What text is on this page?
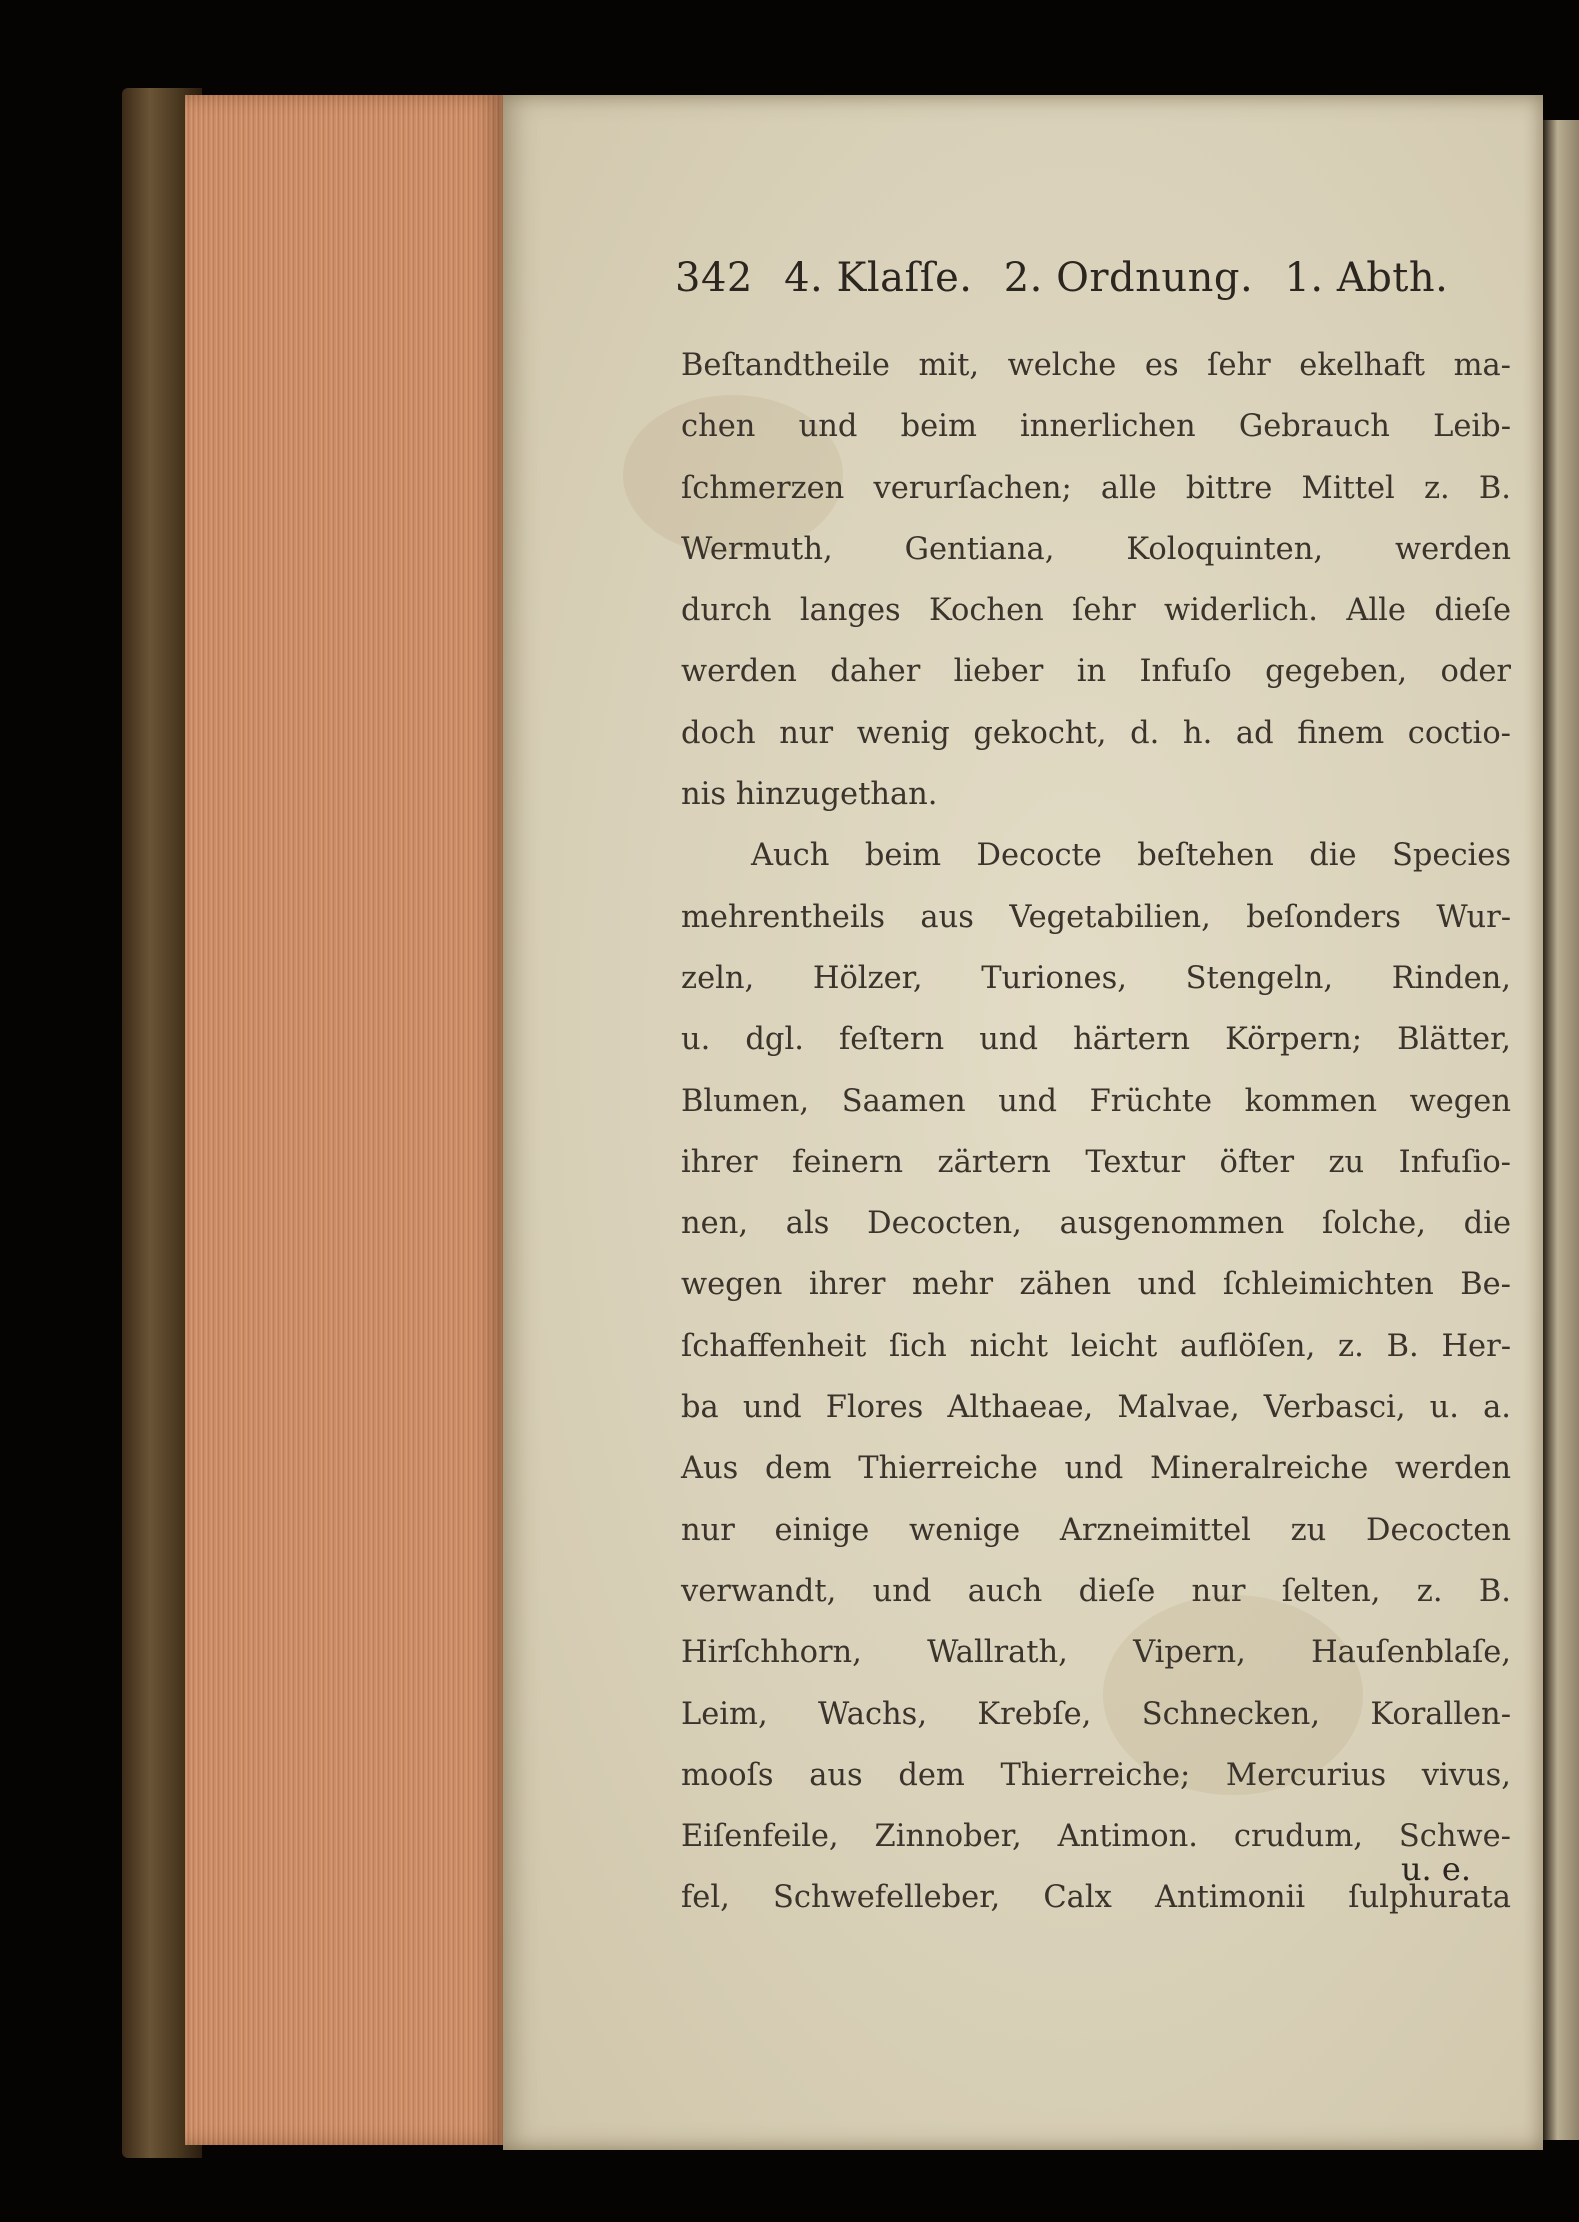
342 4. Klaſſe. 2. Ordnung. 1. Abth.
Beſtandtheile mit, welche es ſehr ekelhaft ma-
chen und beim innerlichen Gebrauch Leib-
ſchmerzen verurſachen; alle bittre Mittel z. B.
Wermuth, Gentiana, Koloquinten, werden
durch langes Kochen ſehr widerlich. Alle dieſe
werden daher lieber in Infuſo gegeben, oder
doch nur wenig gekocht, d. h. ad finem coctio-
nis hinzugethan.
Auch beim Decocte beſtehen die Species
mehrentheils aus Vegetabilien, beſonders Wur-
zeln, Hölzer, Turiones, Stengeln, Rinden,
u. dgl. feſtern und härtern Körpern; Blätter,
Blumen, Saamen und Früchte kommen wegen
ihrer feinern zärtern Textur öfter zu Infuſio-
nen, als Decocten, ausgenommen ſolche, die
wegen ihrer mehr zähen und ſchleimichten Be-
ſchaffenheit ſich nicht leicht auflöſen, z. B. Her-
ba und Flores Althaeae, Malvae, Verbasci, u. a.
Aus dem Thierreiche und Mineralreiche werden
nur einige wenige Arzneimittel zu Decocten
verwandt, und auch dieſe nur ſelten, z. B.
Hirſchhorn, Wallrath, Vipern, Hauſenblaſe,
Leim, Wachs, Krebſe, Schnecken, Korallen-
mooſs aus dem Thierreiche; Mercurius vivus,
Eiſenfeile, Zinnober, Antimon. crudum, Schwe-
fel, Schwefelleber, Calx Antimonii ſulphurata
u. e.
